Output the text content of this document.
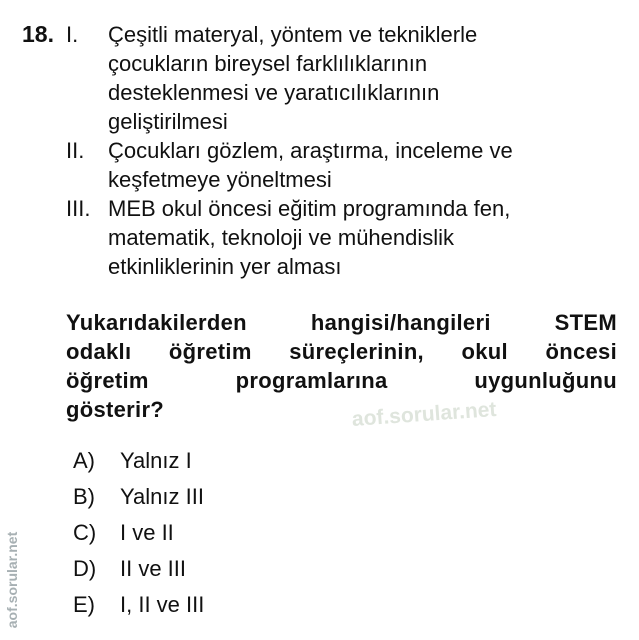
18. I. Çeşitli materyal, yöntem ve tekniklerle
çocukların bireysel farklılıklarının
desteklenmesi ve yaratıcılıklarının
geliştirilmesi
II. Çocukları gözlem, araştırma, inceleme ve
keşfetmeye yöneltmesi
III. MEB okul öncesi eğitim programında fen,
matematik, teknoloji ve mühendislik
etkinliklerinin yer alması
Yukarıdakilerden hangisi/hangileri STEM
odaklı öğretim süreçlerinin, okul öncesi
öğretim programlarına uygunluğunu
gösterir?	aof.sorular.net
A) Yalnız I
B) Yalnız III
C) I ve II
D) II ve III
E) I, II ve III
aof.sorular.net
